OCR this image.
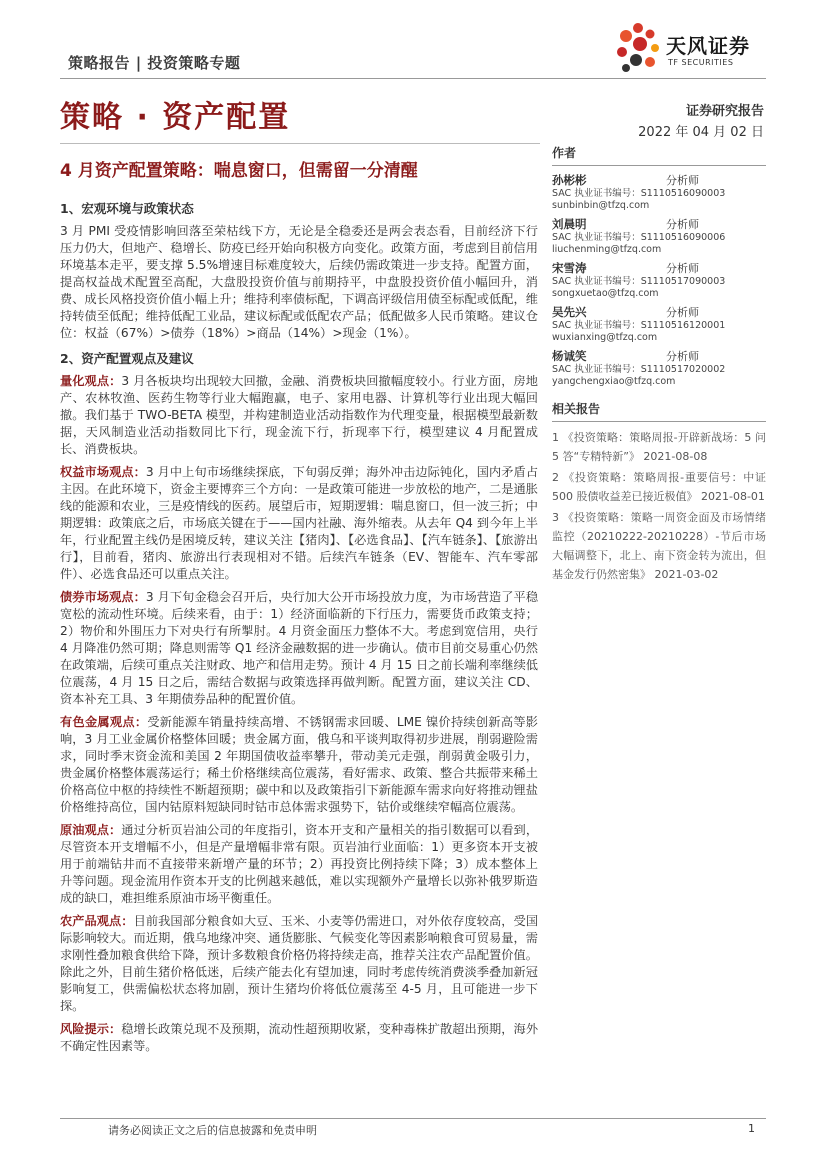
策略报告 | 投资策略专题
天风证券
TF SECURITIES
策略 · 资产配置	证券研究报告
2022 年 04 月 02 日
4 月资产配置策略：喘息窗口，但需留一分清醒
1、宏观环境与政策状态

3 月 PMI 受疫情影响回落至荣枯线下方，无论是全稳委还是两会表态看，目前经济下行压力仍大，但地产、稳增长、防疫已经开始向积极方向变化。政策方面，考虑到目前信用环境基本走平，要支撑 5.5%增速目标难度较大，后续仍需政策进一步支持。配置方面，提高权益战术配置至高配，大盘股投资价值与前期持平，中盘股投资价值小幅回升，消费、成长风格投资价值小幅上升；维持利率债标配，下调高评级信用债至标配或低配，维持转债至低配；维持低配工业品，建议标配或低配农产品；低配做多人民币策略。建议仓位：权益（67%）>债券（18%）>商品（14%）>现金（1%）。

2、资产配置观点及建议

量化观点：3 月各板块均出现较大回撤，金融、消费板块回撤幅度较小。行业方面，房地产、农林牧渔、医药生物等行业大幅跑赢，电子、家用电器、计算机等行业出现大幅回撤。我们基于 TWO-BETA 模型，并构建制造业活动指数作为代理变量，根据模型最新数据，天风制造业活动指数同比下行，现金流下行，折现率下行，模型建议 4 月配置成长、消费板块。

权益市场观点：3 月中上旬市场继续探底，下旬弱反弹；海外冲击边际钝化，国内矛盾占主因。在此环境下，资金主要博弈三个方向：一是政策可能进一步放松的地产，二是通胀线的能源和农业，三是疫情线的医药。展望后市，短期逻辑：喘息窗口，但一波三折；中期逻辑：政策底之后，市场底关键在于——国内社融、海外缩表。从去年 Q4 到今年上半年，行业配置主线仍是困境反转，建议关注【猪肉】、【必选食品】、【汽车链条】、【旅游出行】，目前看，猪肉、旅游出行表现相对不错。后续汽车链条（EV、智能车、汽车零部件）、必选食品还可以重点关注。

债券市场观点：3 月下旬金稳会召开后，央行加大公开市场投放力度，为市场营造了平稳宽松的流动性环境。后续来看，由于：1）经济面临新的下行压力，需要货币政策支持；2）物价和外围压力下对央行有所掣肘。4 月资金面压力整体不大。考虑到宽信用，央行 4 月降准仍然可期；降息则需等 Q1 经济金融数据的进一步确认。债市目前交易重心仍然在政策端，后续可重点关注财政、地产和信用走势。预计 4 月 15 日之前长端利率继续低位震荡，4 月 15 日之后，需结合数据与政策选择再做判断。配置方面，建议关注 CD、资本补充工具、3 年期债券品种的配置价值。

有色金属观点：受新能源车销量持续高增、不锈钢需求回暖、LME 镍价持续创新高等影响，3 月工业金属价格整体回暖；贵金属方面，俄乌和平谈判取得初步进展，削弱避险需求，同时季末资金流和美国 2 年期国债收益率攀升，带动美元走强，削弱黄金吸引力，贵金属价格整体震荡运行；稀土价格继续高位震荡，看好需求、政策、整合共振带来稀土价格高位中枢的持续性不断超预期；碳中和以及政策指引下新能源车需求向好将推动锂盐价格维持高位，国内钴原料短缺同时钴市总体需求强势下，钴价或继续窄幅高位震荡。

原油观点：通过分析页岩油公司的年度指引，资本开支和产量相关的指引数据可以看到，尽管资本开支增幅不小，但是产量增幅非常有限。页岩油行业面临：1）更多资本开支被用于前端钻井而不直接带来新增产量的环节；2）再投资比例持续下降；3）成本整体上升等问题。现金流用作资本开支的比例越来越低，难以实现额外产量增长以弥补俄罗斯造成的缺口，难担维系原油市场平衡重任。

农产品观点：目前我国部分粮食如大豆、玉米、小麦等仍需进口，对外依存度较高，受国际影响较大。而近期，俄乌地缘冲突、通货膨胀、气候变化等因素影响粮食可贸易量，需求刚性叠加粮食供给下降，预计多数粮食价格仍将持续走高，推荐关注农产品配置价值。除此之外，目前生猪价格低迷，后续产能去化有望加速，同时考虑传统消费淡季叠加新冠影响复工，供需偏松状态将加剧，预计生猪均价将低位震荡至 4-5 月，且可能进一步下探。

风险提示：稳增长政策兑现不及预期，流动性超预期收紧，变种毒株扩散超出预期，海外不确定性因素等。

作者
孙彬彬	分析师
SAC 执业证书编号：S1110516090003
sunbinbin@tfzq.com
刘晨明	分析师
SAC 执业证书编号：S1110516090006
liuchenming@tfzq.com
宋雪涛	分析师
SAC 执业证书编号：S1110517090003
songxuetao@tfzq.com
吴先兴	分析师
SAC 执业证书编号：S1110516120001
wuxianxing@tfzq.com
杨诚笑	分析师
SAC 执业证书编号：S1110517020002
yangchengxiao@tfzq.com
相关报告
1 《投资策略：策略周报-开辟新战场：5 问 5 答“专精特新”》 2021-08-08
2 《投资策略：策略周报-重要信号：中证 500 股债收益差已接近极值》 2021-08-01
3 《投资策略：策略一周资金面及市场情绪监控（20210222-20210228）-节后市场大幅调整下，北上、南下资金转为流出，但基金发行仍然密集》 2021-03-02
请务必阅读正文之后的信息披露和免责申明	1
